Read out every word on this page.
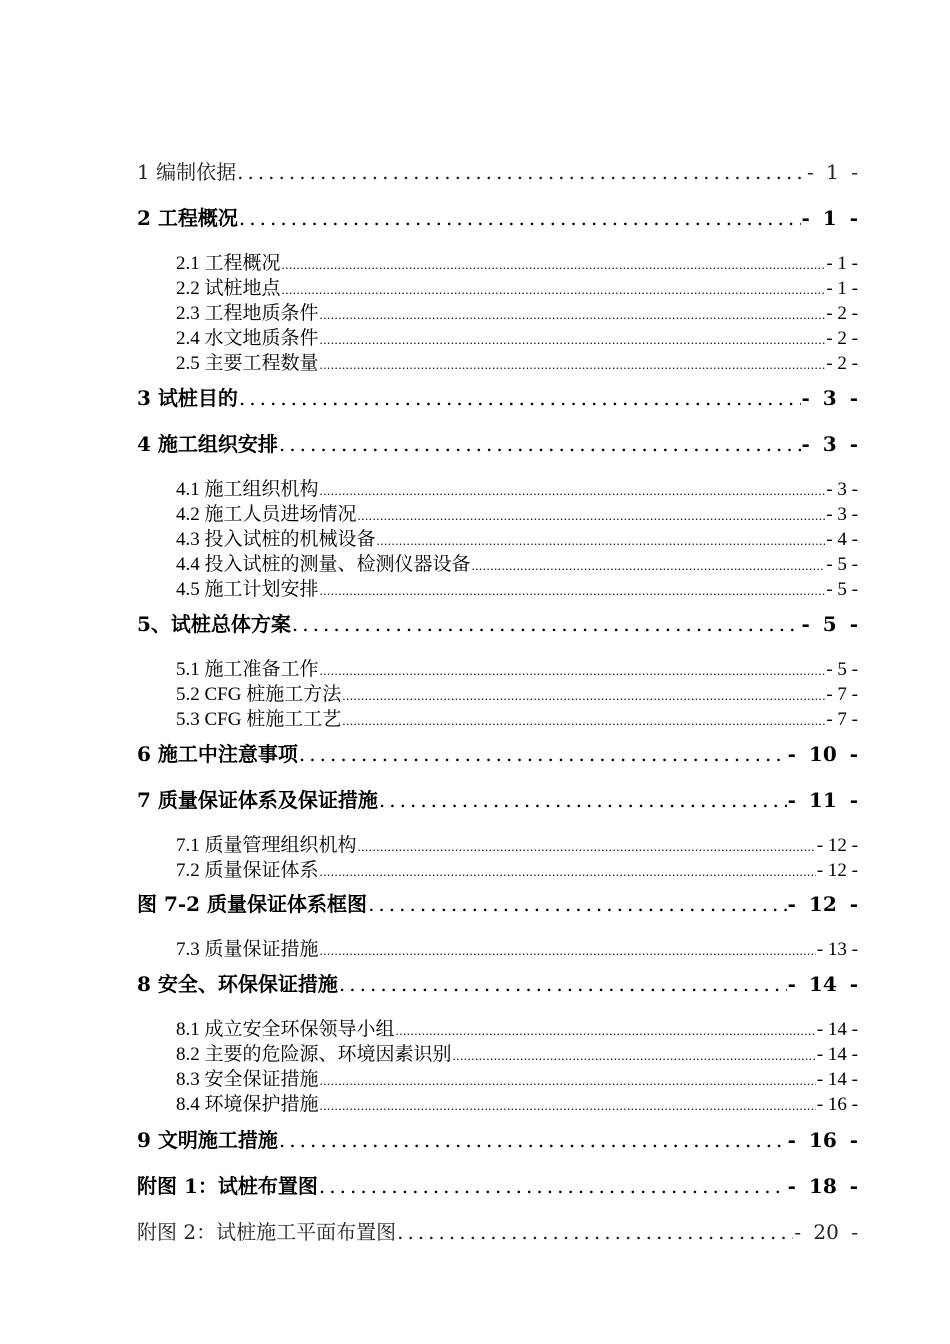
1 编制依据 .....	- 1 -
2 工程概况 .....	- 1 -
2.1 工程概况 .....	- 1 -
2.2 试桩地点 .....	- 1 -
2.3 工程地质条件 .....	- 2 -
2.4 水文地质条件 .....	- 2 -
2.5 主要工程数量 .....	- 2 -
3 试桩目的 .....	- 3 -
4 施工组织安排 .....	- 3 -
4.1 施工组织机构 .....	- 3 -
4.2 施工人员进场情况 .....	- 3 -
4.3 投入试桩的机械设备 .....	- 4 -
4.4 投入试桩的测量、检测仪器设备 .....	- 5 -
4.5 施工计划安排 .....	- 5 -
5、试桩总体方案 .....	- 5 -
5.1 施工准备工作 .....	- 5 -
5.2 CFG 桩施工方法 .....	- 7 -
5.3 CFG 桩施工工艺 .....	- 7 -
6 施工中注意事项 .....	- 10 -
7 质量保证体系及保证措施 .....	- 11 -
7.1 质量管理组织机构 .....	- 12 -
7.2 质量保证体系 .....	- 12 -
图 7-2 质量保证体系框图 .....	- 12 -
7.3 质量保证措施 .....	- 13 -
8 安全、环保保证措施 .....	- 14 -
8.1 成立安全环保领导小组 .....	- 14 -
8.2 主要的危险源、环境因素识别 .....	- 14 -
8.3 安全保证措施 .....	- 14 -
8.4 环境保护措施 .....	- 16 -
9 文明施工措施 .....	- 16 -
附图 1：试桩布置图 .....	- 18 -
附图 2：试桩施工平面布置图 .....	- 20 -
